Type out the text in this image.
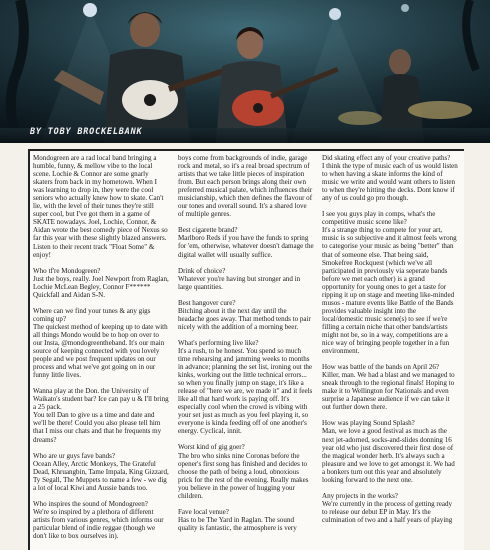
BY TOBY BROCKELBANK

Mondogreen are a rad local band bringing a humble, funny, & mellow vibe to the local scene. Lochie & Connor are some gnarly skaters from back in my hometown. When I was learning to drop in, they were the cool seniors who actually knew how to skate. Can't lie, with the level of their tunes they're still super cool, but I've got them in a game of SKATE nowadays. Joel, Lochie, Connor, & Aidan wrote the best comedy piece of Nexus so far this year with these slightly blazed answers. Listen to their recent track "Float Some" & enjoy!

Who tf're Mondogreen?
Just the boys, really. Joel Newport from Raglan, Lochie McLean Begley, Connor F****** Quickfall and Aidan S-N.
Where can we find your tunes & any gigs coming up?
The quickest method of keeping up to date with all things Mondo would be to hop on over to our Insta, @mondogreentheband. It's our main source of keeping connected with you lovely people and we post frequent updates on our process and what we've got going on in our funny little lives.

Wanna play at the Don. the University of Waikato's student bar? Ice can pay u & I'll bring a 25 pack.
You tell Dan to give us a time and date and we'll be there! Could you also please tell him that I miss our chats and that he frequents my dreams?

Who are ur guys fave bands?
Ocean Alley, Arctic Monkeys, The Grateful Dead, Khruangbin, Tame Impala, King Gizzard, Ty Segall, The Muppets to name a few - we dig a lot of local Kiwi and Aussie bands too.
Who inspires the sound of Mondogreen?
We're so inspired by a plethora of different artists from various genres, which informs our particular blend of indie reggae (though we don't like to box ourselves in).

boys come from backgrounds of indie, garage rock and metal, so it's a real broad spectrum of artists that we take little pieces of inspiration from. But each person brings along their own preferred musical palate, which influences their musicianship, which then defines the flavour of our tones and overall sound. It's a shared love of multiple genres.

Best cigarette brand?
Marlboro Reds if you have the funds to spring for 'em, otherwise, whatever doesn't damage the digital wallet will usually suffice.
Drink of choice?
Whatever you're having but stronger and in large quantities.
Best hangover cure?
Bitching about it the next day until the headache goes away. That method tends to pair nicely with the addition of a morning beer.
What's performing live like?
It's a rush, to be honest. You spend so much time rehearsing and jamming weeks to months in advance; planning the set list, ironing out the kinks, working out the little technical errors... so when you finally jump on stage, it's like a release of "here we are, we made it" and it feels like all that hard work is paying off. It's especially cool when the crowd is vibing with your set just as much as you feel playing it, so everyone is kinda feeding off of one another's energy. Cyclical, innit.
Worst kind of gig goer?
The bro who sinks nine Coronas before the opener's first song has finished and decides to choose the path of being a loud, obnoxious prick for the rest of the evening. Really makes you believe in the power of hugging your children.
Fave local venue?
Has to be The Yard in Raglan. The sound quality is fantastic, the atmosphere is very
Did skating effect any of your creative paths?
I think the type of music each of us would listen to when having a skate informs the kind of music we write and would want others to listen to when they're hitting the decks. Dont know if any of us could go pro though.
I see you guys play in comps, what's the competitive music scene like?
It's a strange thing to compete for your art, music is so subjective and it almost feels wrong to categorise your music as being "better" than that of someone else. That being said, Smokefree Rockquest (which we've all participated in previously via seperate bands before we met each other) is a grand opportunity for young ones to get a taste for ripping it up on stage and meeting like-minded musos - mature events like Battle of the Bands provides valuable insight into the local/domestic music scene(s) to see if we're filling a certain niche that other bands/artists might not be, so in a way, competitions are a nice way of bringing people together in a fun environment.
How was battle of the bands on April 26?
Killer, man. We had a blast and we managed to sneak through to the regional finals! Hoping to make it to Wellington for Nationals and even surprise a Japanese audience if we can take it out further down there.
How was playing Sound Splash?
Man, we love a good festival as much as the next jet-adorned, socks-and-slides donning 16 year old who just discovered their first dose of the magical wonder herb. It's always such a pleasure and we love to get amongst it. We had a bonkers turn out this year and absolutely looking forward to the next one.
Any projects in the works?
We're currently in the process of getting ready to release our debut EP in May. It's the culmination of two and a half years of playing
